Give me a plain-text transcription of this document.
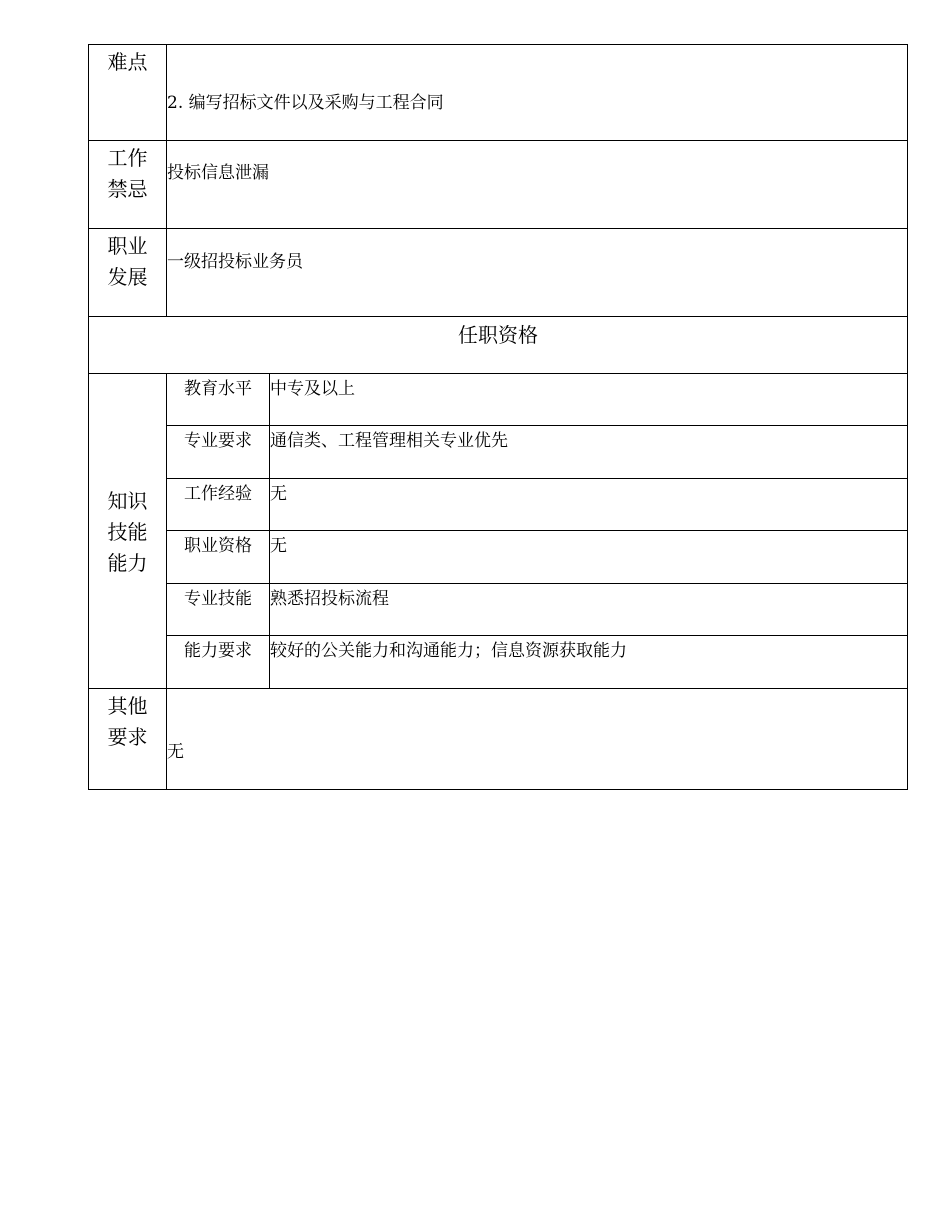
难点	2. 编写招标文件以及采购与工程合同	

工作禁忌	投标信息泄漏	

职业发展	一级招投标业务员	

任职资格		
知识技能能力	教育水平	中专及以上
	专业要求	通信类、工程管理相关专业优先
	工作经验	无
	职业资格	无
	专业技能	熟悉招投标流程
	能力要求	较好的公关能力和沟通能力；信息资源获取能力
其他要求	无	
